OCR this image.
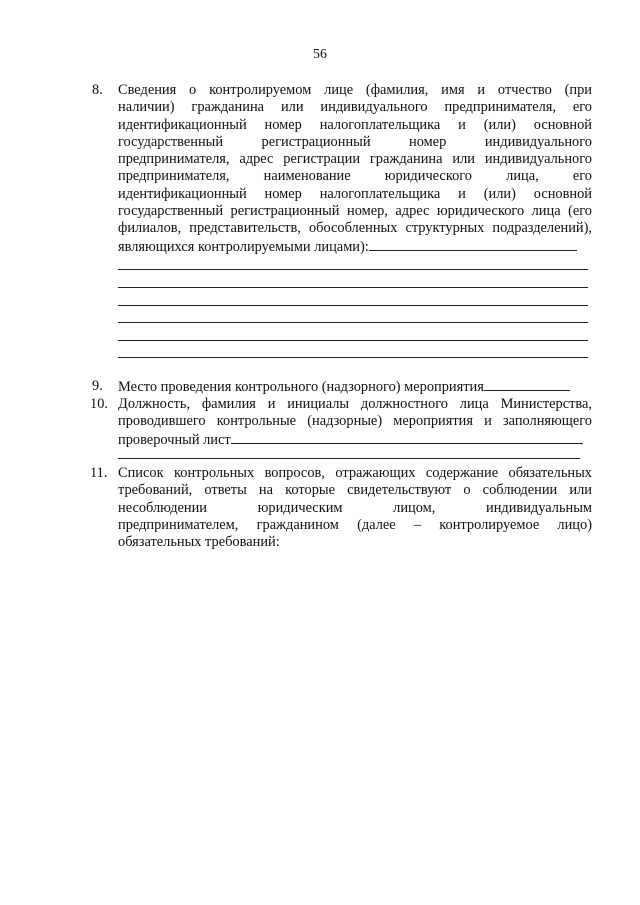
56
8. Сведения о контролируемом лице (фамилия, имя и отчество (при
наличии) гражданина или индивидуального предпринимателя, его
идентификационный номер налогоплательщика и (или) основной
государственный регистрационный номер индивидуального
предпринимателя, адрес регистрации гражданина или индивидуального
предпринимателя, наименование юридического лица, его
идентификационный номер налогоплательщика и (или) основной
государственный регистрационный номер, адрес юридического лица (его
филиалов, представительств, обособленных структурных подразделений),
являющихся контролируемыми лицами):
9. Место проведения контрольного (надзорного) мероприятия
10. Должность, фамилия и инициалы должностного лица Министерства,
проводившего контрольные (надзорные) мероприятия и заполняющего
проверочный лист
11. Список контрольных вопросов, отражающих содержание обязательных
требований, ответы на которые свидетельствуют о соблюдении или
несоблюдении юридическим лицом, индивидуальным
предпринимателем, гражданином (далее – контролируемое лицо)
обязательных требований:
